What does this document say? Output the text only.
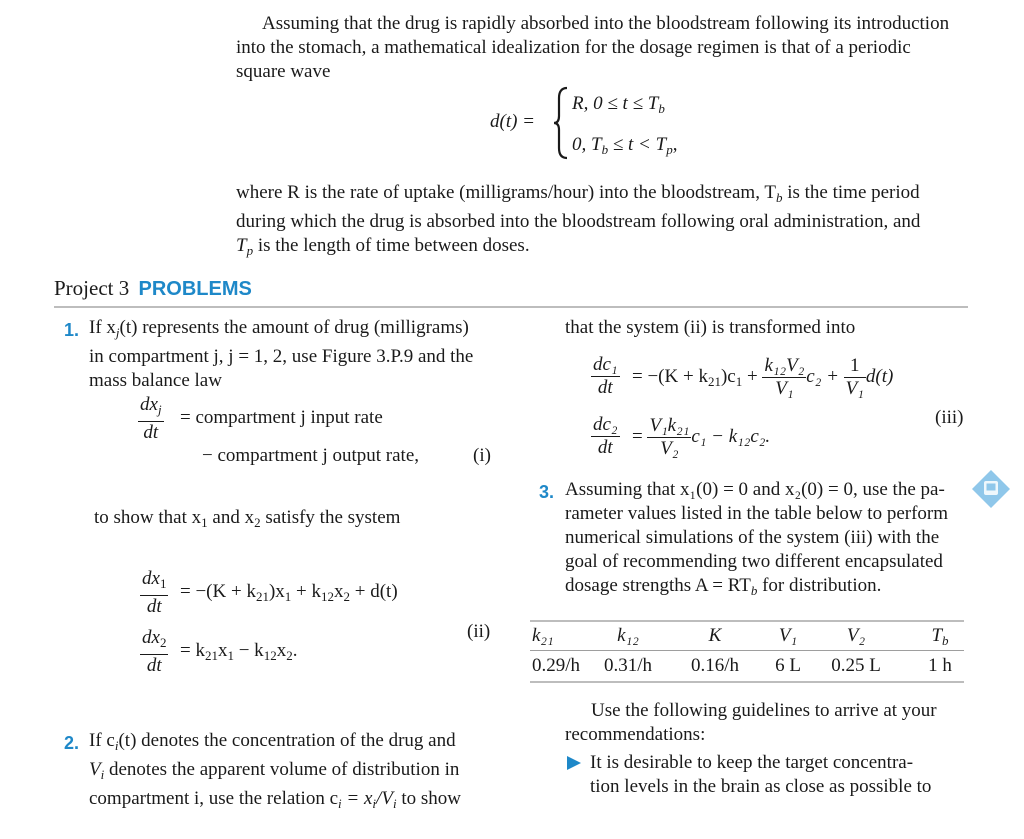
Assuming that the drug is rapidly absorbed into the bloodstream following its introduction
into the stomach, a mathematical idealization for the dosage regimen is that of a periodic
square wave
d(t) =
R, $0 \le t \le T_b$
0, $T_b \le t < T_p$,
where R is the rate of uptake (milligrams/hour) into the bloodstream, $T_b$ is the time period
during which the drug is absorbed into the bloodstream following oral administration, and
$T_p$ is the length of time between doses.
Project 3 PROBLEMS
1. If $x_j(t)$ represents the amount of drug (milligrams)
in compartment j, j = 1, 2, use Figure 3.P.9 and the
mass balance law
$\frac{dx_j}{dt}$ = compartment j input rate
− compartment j output rate,	(i)
to show that $x_1$ and $x_2$ satisfy the system
$\frac{dx_1}{dt} = -(K + k_{21})x_1 + k_{12}x_2 + d(t)$
$\frac{dx_2}{dt} = k_{21}x_1 - k_{12}x_2$.
(ii)
2. If $c_i(t)$ denotes the concentration of the drug and
$V_i$ denotes the apparent volume of distribution in
compartment i, use the relation $c_i = x_i/V_i$ to show
that the system (ii) is transformed into
$\frac{\text{dc₁}}{dt} = -(K + k_{21})c_1 + \frac{\text{k₁₂V₂}}{\text{V₁}} c_2 + \frac{1}{\text{V₁}} d(t)$
$\frac{\text{dc₂}}{dt} = \frac{\text{V₁k₂₁}}{\text{V₂}} c_1 - k_{12}c_2$.
(iii)
3. Assuming that x₁(0) = 0 and x₂(0) = 0, use the pa-
rameter values listed in the table below to perform
numerical simulations of the system (iii) with the
goal of recommending two different encapsulated
dosage strengths $A = RT_b$ for distribution.
k₂₁	k₁₂	K	V₁	V₂	$T_b$
0.29/h	0.31/h	0.16/h	6 L	0.25 L	1 h
Use the following guidelines to arrive at your
recommendations:
It is desirable to keep the target concentra-
tion levels in the brain as close as possible to
